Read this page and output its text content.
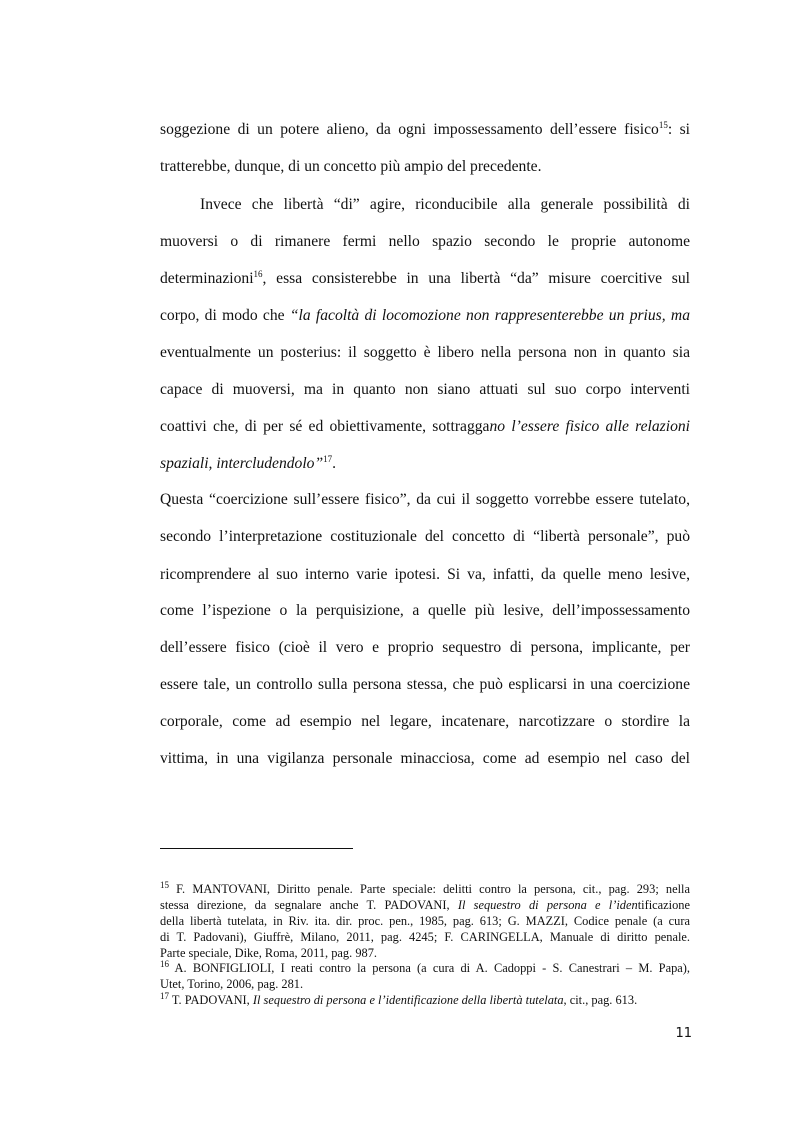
soggezione di un potere alieno, da ogni impossessamento dell’essere fisico$^{15}$: si
tratterebbe, dunque, di un concetto più ampio del precedente.
Invece che libertà “di” agire, riconducibile alla generale possibilità di
muoversi o di rimanere fermi nello spazio secondo le proprie autonome
determinazioni$^{16}$, essa consisterebbe in una libertà “da” misure coercitive sul
corpo, di modo che “la facoltà di locomozione non rappresenterebbe un prius, ma
eventualmente un posterius: il soggetto è libero nella persona non in quanto sia
capace di muoversi, ma in quanto non siano attuati sul suo corpo interventi
coattivi che, di per sé ed obiettivamente, sottraggano l’essere fisico alle relazioni
spaziali, intercludendolo”$^{17}$.
Questa “coercizione sull’essere fisico”, da cui il soggetto vorrebbe essere tutelato,
secondo l’interpretazione costituzionale del concetto di “libertà personale”, può
ricomprendere al suo interno varie ipotesi. Si va, infatti, da quelle meno lesive,
come l’ispezione o la perquisizione, a quelle più lesive, dell’impossessamento
dell’essere fisico (cioè il vero e proprio sequestro di persona, implicante, per
essere tale, un controllo sulla persona stessa, che può esplicarsi in una coercizione
corporale, come ad esempio nel legare, incatenare, narcotizzare o stordire la
vittima, in una vigilanza personale minacciosa, come ad esempio nel caso del
$^{15}$ F. MANTOVANI, Diritto penale. Parte speciale: delitti contro la persona, cit., pag. 293; nella
stessa direzione, da segnalare anche T. PADOVANI, Il sequestro di persona e l’identificazione
della libertà tutelata, in Riv. ita. dir. proc. pen., 1985, pag. 613; G. MAZZI, Codice penale (a cura
di T. Padovani), Giuffrè, Milano, 2011, pag. 4245; F. CARINGELLA, Manuale di diritto penale.
Parte speciale, Dike, Roma, 2011, pag. 987.
$^{16}$ A. BONFIGLIOLI, I reati contro la persona (a cura di A. Cadoppi - S. Canestrari – M. Papa),
Utet, Torino, 2006, pag. 281.
$^{17}$ T. PADOVANI, Il sequestro di persona e l’identificazione della libertà tutelata, cit., pag. 613.
11
